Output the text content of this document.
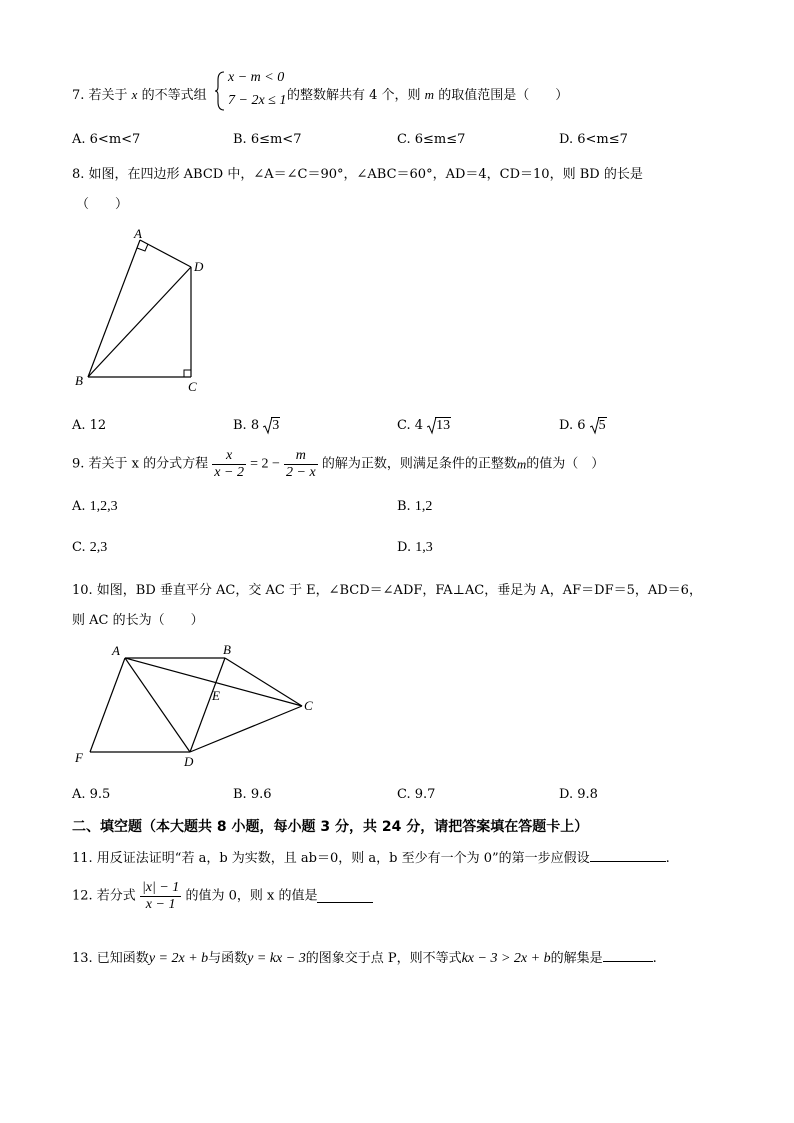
7. 若关于 x 的不等式组
x − m < 0
7 − 2x ≤ 1 的整数解共有 4 个，则 m 的取值范围是（　　）
A. 6<m<7	B. 6≤m<7	C. 6≤m≤7	D. 6<m≤7
8. 如图，在四边形 ABCD 中，∠A＝∠C＝90°，∠ABC＝60°，AD＝4，CD＝10，则 BD 的长是
（　　）
A
D
B	C
A. 12	B. 8 3	C. 4 13	D. 6 5
9. 若关于 x 的分式方程 $\frac{x}{x - 2} = 2 - \frac{m}{2 - x}$ 的解为正数，则满足条件的正整数m的值为（　）
A. 1,2,3	B. 1,2
C. 2,3	D. 1,3
10. 如图，BD 垂直平分 AC，交 AC 于 E，∠BCD＝∠ADF，FA⊥AC，垂足为 A，AF＝DF＝5，AD＝6，
则 AC 的长为（　　）
A	B
C
E
F	D
A. 9.5	B. 9.6	C. 9.7	D. 9.8
二、填空题（本大题共 8 小题，每小题 3 分，共 24 分，请把答案填在答题卡上）
11. 用反证法证明“若 a，b 为实数，且 ab＝0，则 a，b 至少有一个为 0”的第一步应假设	.
12. 若分式 $\frac{|x| - 1}{x - 1}$ 的值为 0，则 x 的值是
13. 已知函数y = 2x + b与函数y = kx − 3的图象交于点 P，则不等式kx − 3 > 2x + b的解集是	.
